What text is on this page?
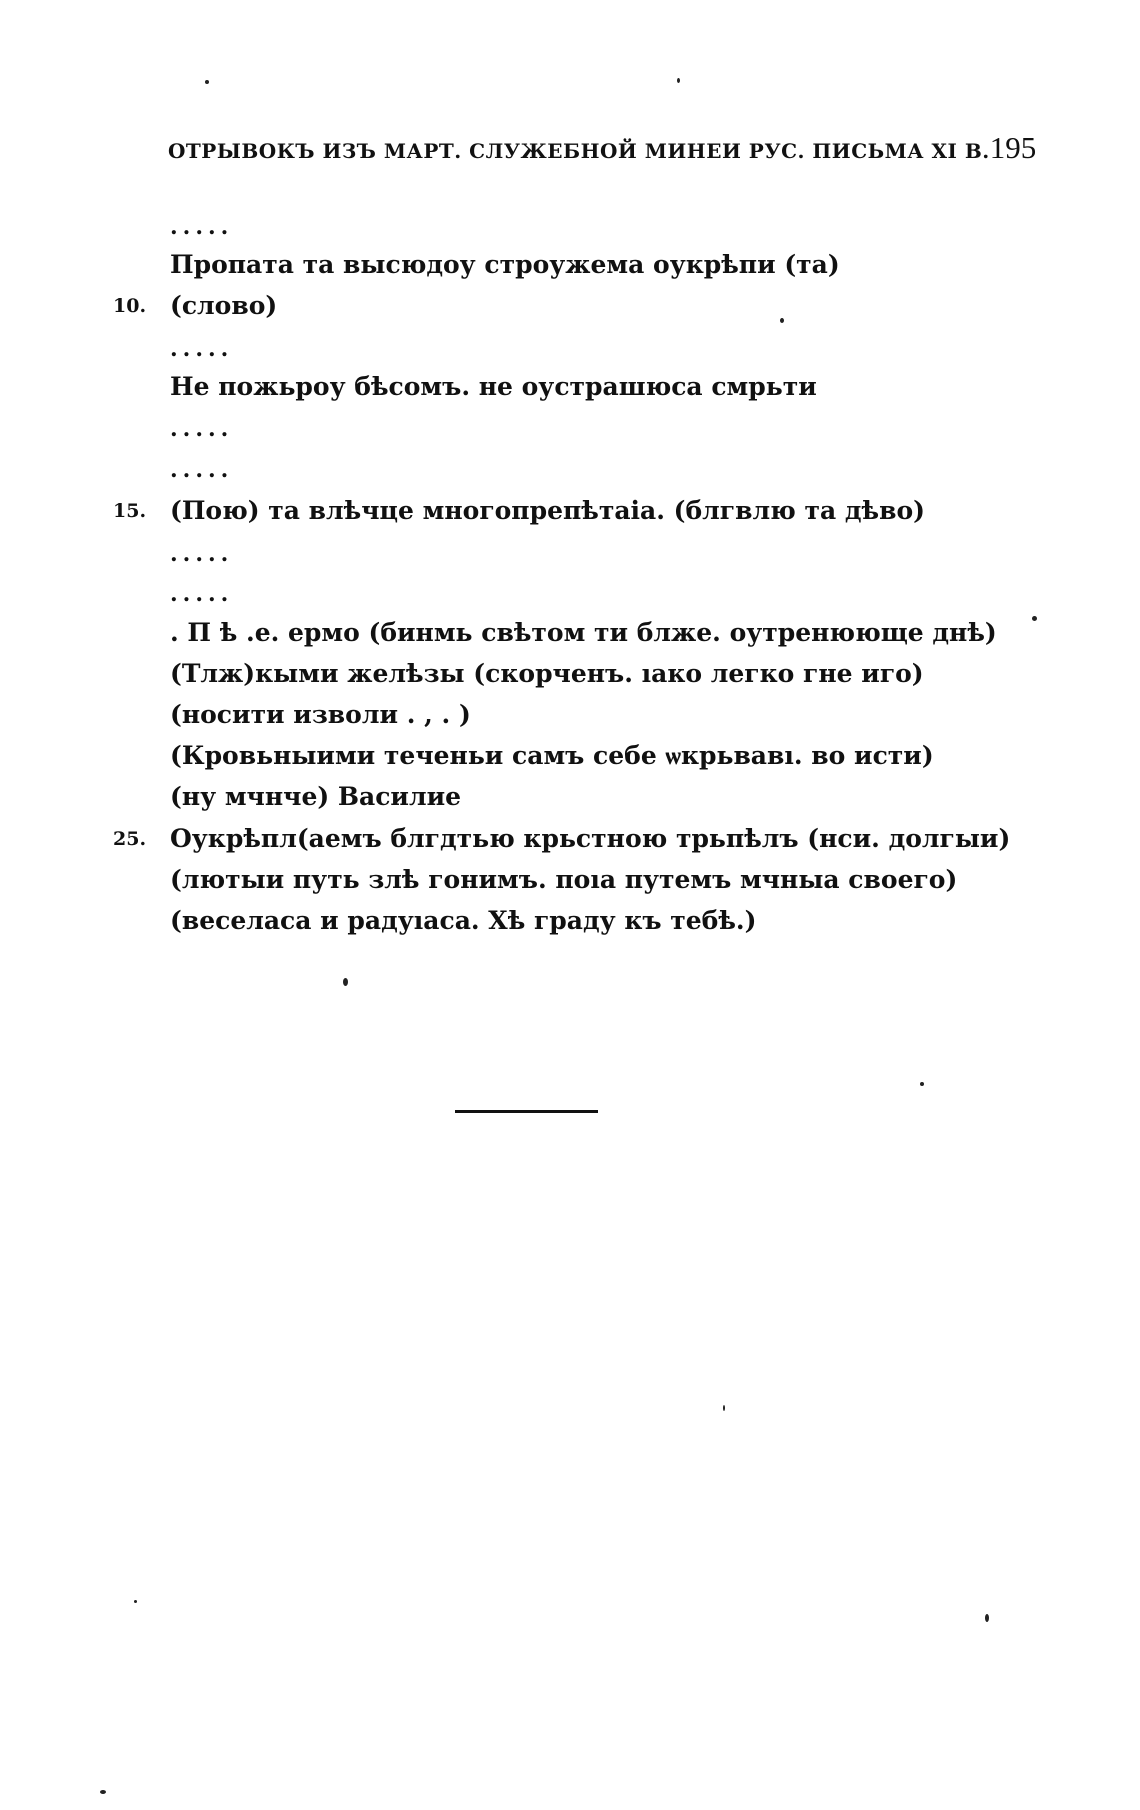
ОТРЫВОКЪ ИЗЪ МАРТ. СЛУЖЕБНОЙ МИНЕИ РУС. ПИСЬМА XI В. 195
.....
Пропата та высюдоу строужема оукрѣпи (та)
10. (слово)
.....
Не пожьроу бѣсомъ. не оустрашюса смрьти
.....
.....
15. (Пою) та влѣчце многопрепѣтаіа. (блгвлю та дѣво)
.....
.....
. П ѣ .е. ермо (бинмь свѣтом ти блже. оутренююще днѣ)
(Тлж)кыми желѣзы (скорченъ. ıако легко гне иго)
(носити изволи . , . )
(Кровьныими теченьи самъ себе ѡкрьвавı. во исти)
(ну мчнче) Василие
25. Оукрѣпл(аемъ блгдтью крьстною трьпѣлъ (нси. долгыи)
(лютыи путь злѣ гонимъ. поıа путемъ мчныа своего)
(веселаса и радуıаса. Хѣ граду къ тебѣ.)
